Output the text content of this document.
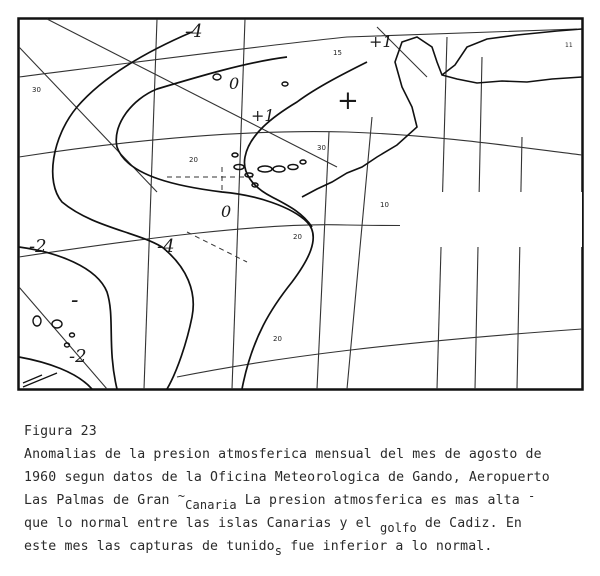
-4	+1
0
+1 +
0
-4
-2
-
-2
30
15
20
30
10
20
20
11
Figura 23
Anomalias de la presion atmosferica mensual del mes de agosto de
1960 segun datos de la Oficina Meteorologica de Gando, Aeropuerto
Las Palmas de Gran ~Canaria La presion atmosferica es mas alta -
que lo normal entre las islas Canarias y el golfo de Cadiz. En
este mes las capturas de tunidos fue inferior a lo normal.
